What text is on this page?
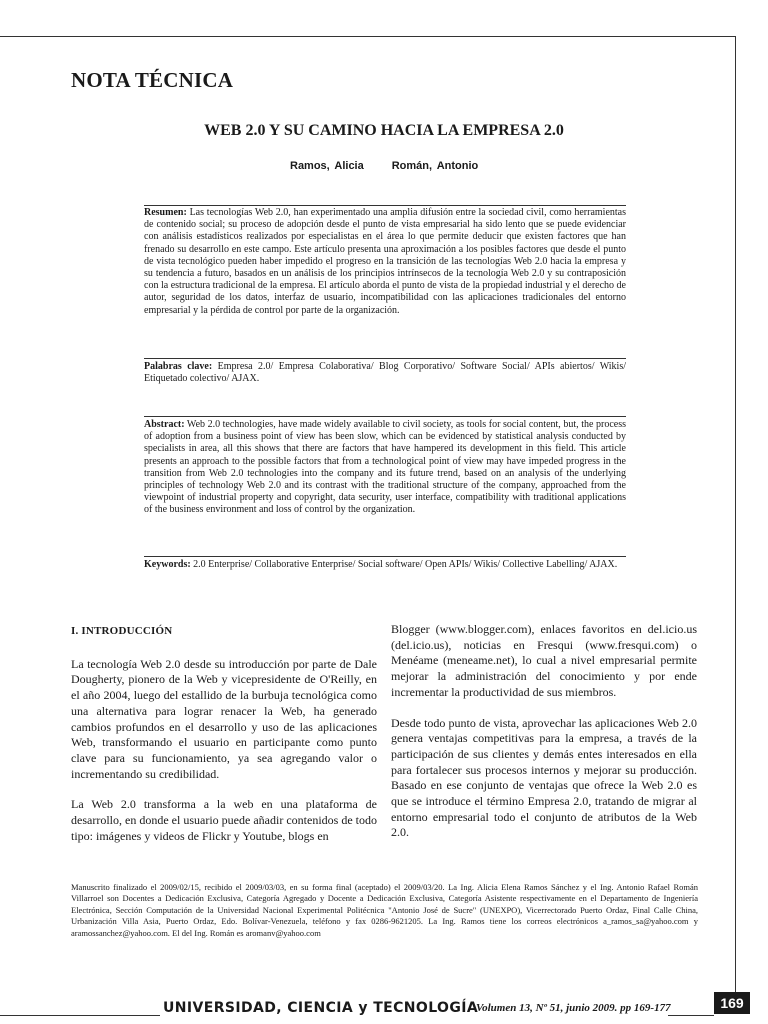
NOTA TÉCNICA
WEB 2.0 Y SU CAMINO HACIA LA EMPRESA 2.0
Ramos, Alicia	Román, Antonio
Resumen: Las tecnologías Web 2.0, han experimentado una amplia difusión entre la sociedad civil, como herramientas de contenido social; su proceso de adopción desde el punto de vista empresarial ha sido lento que se puede evidenciar con análisis estadísticos realizados por especialistas en el área lo que permite deducir que existen factores que han frenado su desarrollo en este campo. Este artículo presenta una aproximación a los posibles factores que desde el punto de vista tecnológico pueden haber impedido el progreso en la transición de las tecnologías Web 2.0 hacia la empresa y su tendencia a futuro, basados en un análisis de los principios intrínsecos de la tecnología Web 2.0 y su contraposición con la estructura tradicional de la empresa. El artículo aborda el punto de vista de la propiedad industrial y el derecho de autor, seguridad de los datos, interfaz de usuario, incompatibilidad con las aplicaciones tradicionales del entorno empresarial y la pérdida de control por parte de la organización.
Palabras clave: Empresa 2.0/ Empresa Colaborativa/ Blog Corporativo/ Software Social/ APIs abiertos/ Wikis/ Etiquetado colectivo/ AJAX.
Abstract: Web 2.0 technologies, have made widely available to civil society, as tools for social content, but, the process of adoption from a business point of view has been slow, which can be evidenced by statistical analysis conducted by specialists in area, all this shows that there are factors that have hampered its development in this field. This article presents an approach to the possible factors that from a technological point of view may have impeded progress in the transition from Web 2.0 technologies into the company and its future trend, based on an analysis of the underlying principles of technology Web 2.0 and its contrast with the traditional structure of the company, approached from the viewpoint of industrial property and copyright, data security, user interface, compatibility with traditional applications of the business environment and loss of control by the organization.
Keywords: 2.0 Enterprise/ Collaborative Enterprise/ Social software/ Open APIs/ Wikis/ Collective Labelling/ AJAX.
I. INTRODUCCIÓN

La tecnología Web 2.0 desde su introducción por parte de Dale Dougherty, pionero de la Web y vicepresidente de O'Reilly, en el año 2004, luego del estallido de la burbuja tecnológica como una alternativa para lograr renacer la Web, ha generado cambios profundos en el desarrollo y uso de las aplicaciones Web, transformando el usuario en participante como punto clave para su funcionamiento, ya sea agregando valor o incrementando su credibilidad.

La Web 2.0 transforma a la web en una plataforma de desarrollo, en donde el usuario puede añadir contenidos de todo tipo: imágenes y videos de Flickr y Youtube, blogs en

Blogger (www.blogger.com), enlaces favoritos en del.icio.us (del.icio.us), noticias en Fresqui (www.fresqui.com) o Menéame (meneame.net), lo cual a nivel empresarial permite mejorar la administración del conocimiento y por ende incrementar la productividad de sus miembros.

Desde todo punto de vista, aprovechar las aplicaciones Web 2.0 genera ventajas competitivas para la empresa, a través de la participación de sus clientes y demás entes interesados en ella para fortalecer sus procesos internos y mejorar su producción. Basado en ese conjunto de ventajas que ofrece la Web 2.0 es que se introduce el término Empresa 2.0, tratando de migrar al entorno empresarial todo el conjunto de atributos de la Web 2.0.

Manuscrito finalizado el 2009/02/15, recibido el 2009/03/03, en su forma final (aceptado) el 2009/03/20. La Ing. Alicia Elena Ramos Sánchez y el Ing. Antonio Rafael Román Villarroel son Docentes a Dedicación Exclusiva, Categoría Agregado y Docente a Dedicación Exclusiva, Categoría Asistente respectivamente en el Departamento de Ingeniería Electrónica, Sección Computación de la Universidad Nacional Experimental Politécnica "Antonio José de Sucre" (UNEXPO), Vicerrectorado Puerto Ordaz, Final Calle China, Urbanización Villa Asia, Puerto Ordaz, Edo. Bolívar-Venezuela, teléfono y fax 0286-9621205. La Ing. Ramos tiene los correos electrónicos a_ramos_sa@yahoo.com y aramossanchez@yahoo.com. El del Ing. Román es aromanv@yahoo.com
UNIVERSIDAD, CIENCIA y TECNOLOGÍA
Volumen 13, Nº 51, junio 2009. pp 169-177	169
